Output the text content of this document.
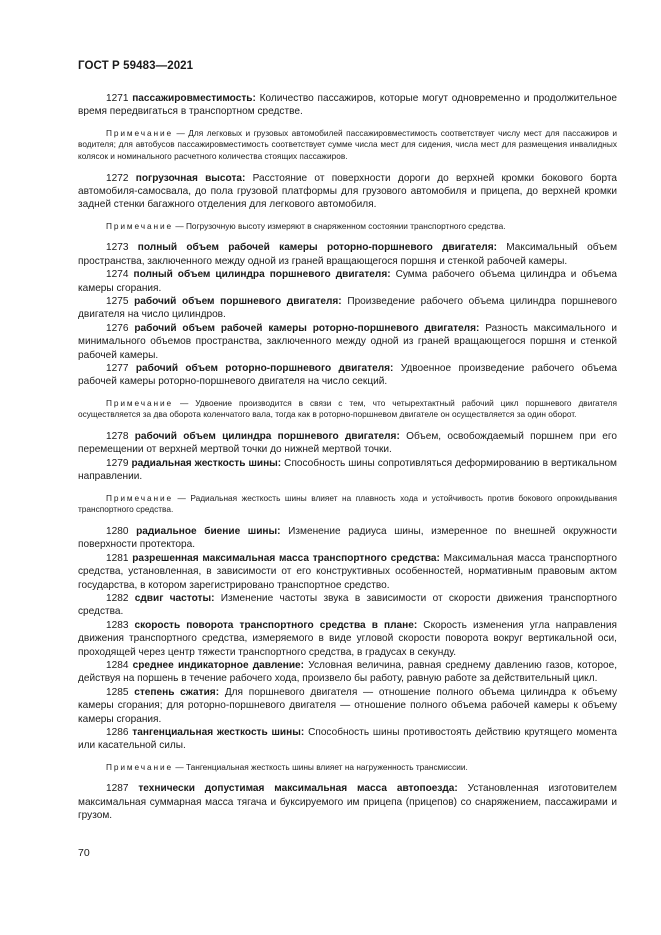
ГОСТ Р 59483—2021

1271 пассажировместимость: Количество пассажиров, которые могут одновременно и продолжительное время передвигаться в транспортном средстве.

Примечание — Для легковых и грузовых автомобилей пассажировместимость соответствует числу мест для пассажиров и водителя; для автобусов пассажировместимость соответствует сумме числа мест для сидения, числа мест для размещения инвалидных колясок и номинального расчетного количества стоящих пассажиров.

1272 погрузочная высота: Расстояние от поверхности дороги до верхней кромки бокового борта автомобиля-самосвала, до пола грузовой платформы для грузового автомобиля и прицепа, до верхней кромки задней стенки багажного отделения для легкового автомобиля.

Примечание — Погрузочную высоту измеряют в снаряженном состоянии транспортного средства.

1273 полный объем рабочей камеры роторно-поршневого двигателя: Максимальный объем пространства, заключенного между одной из граней вращающегося поршня и стенкой рабочей камеры.

1274 полный объем цилиндра поршневого двигателя: Сумма рабочего объема цилиндра и объема камеры сгорания.

1275 рабочий объем поршневого двигателя: Произведение рабочего объема цилиндра поршневого двигателя на число цилиндров.

1276 рабочий объем рабочей камеры роторно-поршневого двигателя: Разность максимального и минимального объемов пространства, заключенного между одной из граней вращающегося поршня и стенкой рабочей камеры.

1277 рабочий объем роторно-поршневого двигателя: Удвоенное произведение рабочего объема рабочей камеры роторно-поршневого двигателя на число секций.

Примечание — Удвоение производится в связи с тем, что четырехтактный рабочий цикл поршневого двигателя осуществляется за два оборота коленчатого вала, тогда как в роторно-поршневом двигателе он осуществляется за один оборот.

1278 рабочий объем цилиндра поршневого двигателя: Объем, освобождаемый поршнем при его перемещении от верхней мертвой точки до нижней мертвой точки.

1279 радиальная жесткость шины: Способность шины сопротивляться деформированию в вертикальном направлении.

Примечание — Радиальная жесткость шины влияет на плавность хода и устойчивость против бокового опрокидывания транспортного средства.

1280 радиальное биение шины: Изменение радиуса шины, измеренное по внешней окружности поверхности протектора.

1281 разрешенная максимальная масса транспортного средства: Максимальная масса транспортного средства, установленная, в зависимости от его конструктивных особенностей, нормативным правовым актом государства, в котором зарегистрировано транспортное средство.

1282 сдвиг частоты: Изменение частоты звука в зависимости от скорости движения транспортного средства.

1283 скорость поворота транспортного средства в плане: Скорость изменения угла направления движения транспортного средства, измеряемого в виде угловой скорости поворота вокруг вертикальной оси, проходящей через центр тяжести транспортного средства, в градусах в секунду.

1284 среднее индикаторное давление: Условная величина, равная среднему давлению газов, которое, действуя на поршень в течение рабочего хода, произвело бы работу, равную работе за действительный цикл.

1285 степень сжатия: Для поршневого двигателя — отношение полного объема цилиндра к объему камеры сгорания; для роторно-поршневого двигателя — отношение полного объема рабочей камеры к объему камеры сгорания.

1286 тангенциальная жесткость шины: Способность шины противостоять действию крутящего момента или касательной силы.

Примечание — Тангенциальная жесткость шины влияет на нагруженность трансмиссии.

1287 технически допустимая максимальная масса автопоезда: Установленная изготовителем максимальная суммарная масса тягача и буксируемого им прицепа (прицепов) со снаряжением, пассажирами и грузом.

70
